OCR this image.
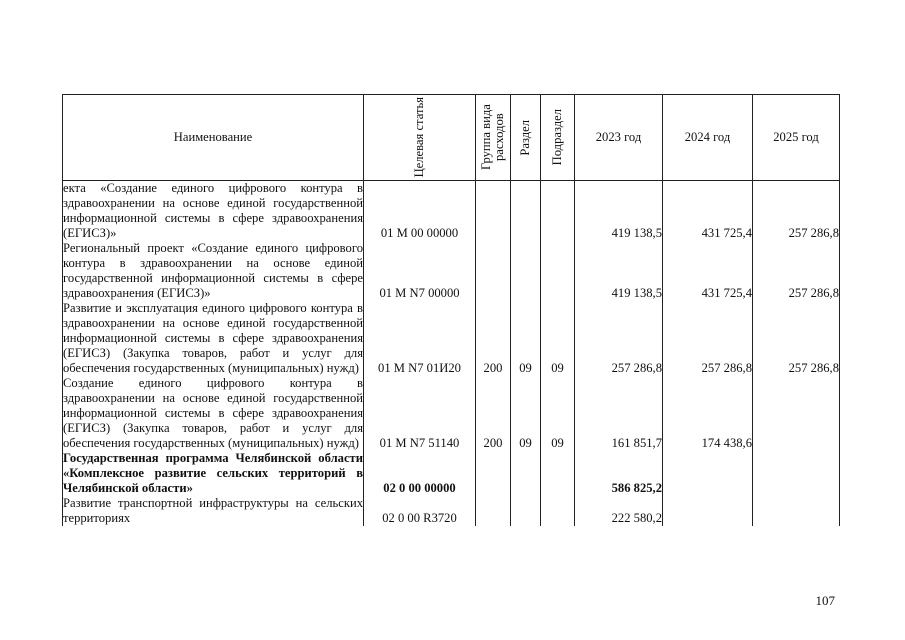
Наименование	Целевая статья	Группа вида расходов	Раздел	Подраздел	2023 год	2024 год	2025 год
екта «Создание единого цифрового контура в здравоохранении на основе единой государственной информационной системы в сфере здравоохранения (ЕГИСЗ)»	01 М 00 00000				419 138,5	431 725,4	257 286,8
Региональный проект «Создание единого цифрового контура в здравоохранении на основе единой государственной информационной системы в сфере здравоохранения (ЕГИСЗ)»	01 М N7 00000				419 138,5	431 725,4	257 286,8
Развитие и эксплуатация единого цифрового контура в здравоохранении на основе единой государственной информационной системы в сфере здравоохранения (ЕГИСЗ) (Закупка товаров, работ и услуг для обеспечения государственных (муниципальных) нужд)	01 М N7 01И20	200	09	09	257 286,8	257 286,8	257 286,8
Создание единого цифрового контура в здравоохранении на основе единой государственной информационной системы в сфере здравоохранения (ЕГИСЗ) (Закупка товаров, работ и услуг для обеспечения государственных (муниципальных) нужд)	01 М N7 51140	200	09	09	161 851,7	174 438,6	
Государственная программа Челябинской области «Комплексное развитие сельских территорий в Челябинской области»	02 0 00 00000				586 825,2		
Развитие транспортной инфраструктуры на сельских территориях	02 0 00 R3720				222 580,2		
107
